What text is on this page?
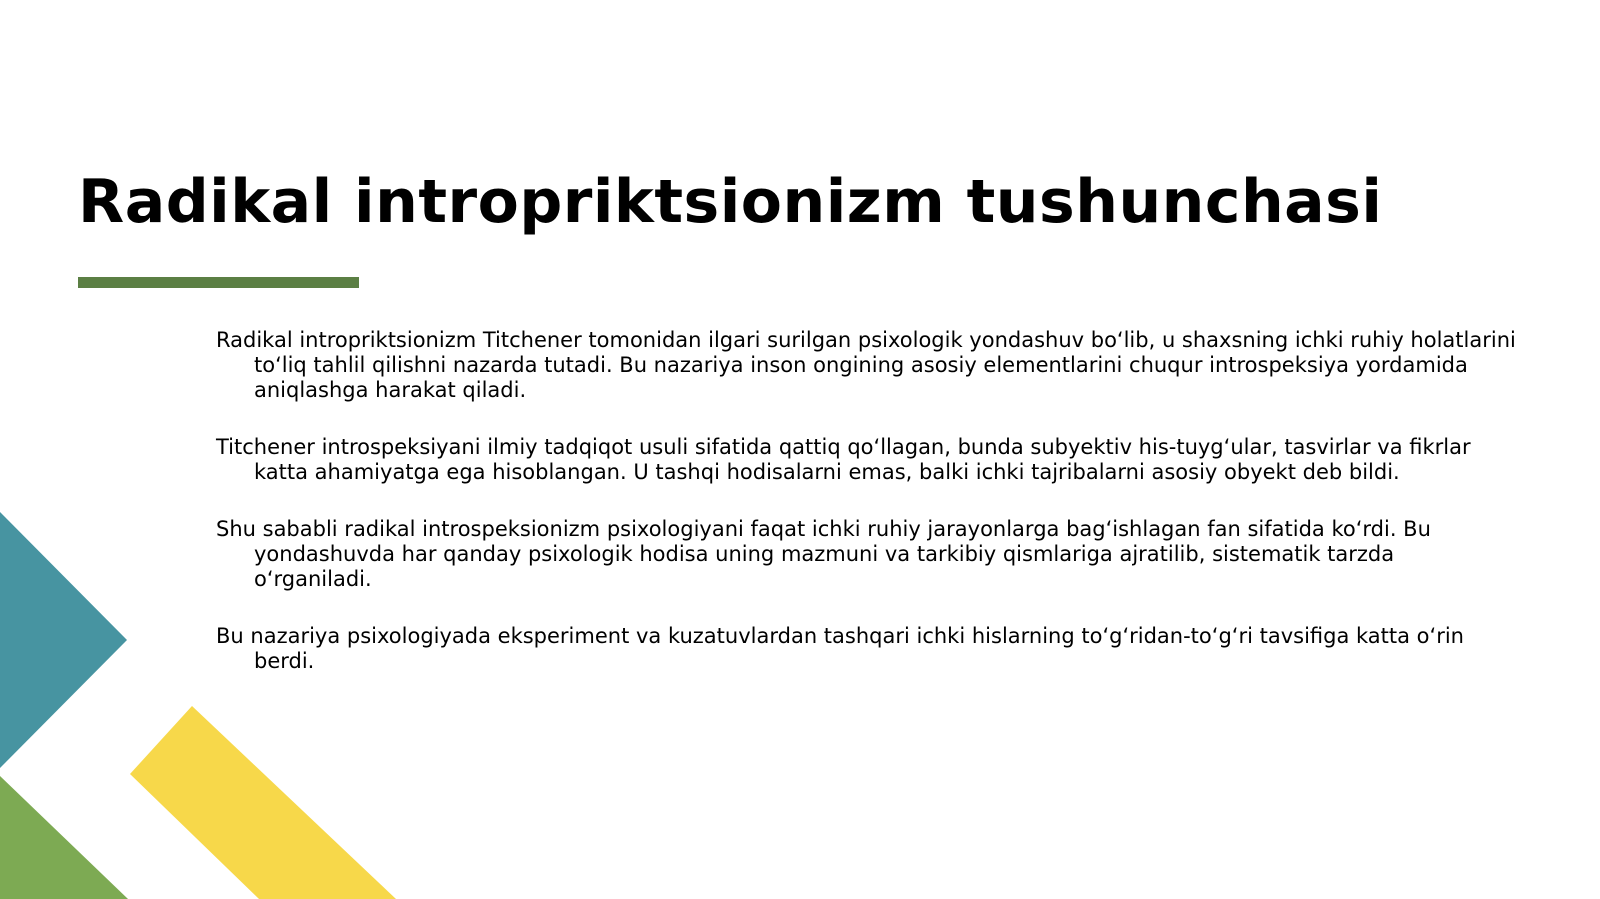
Radikal intropriktsionizm tushunchasi

Radikal intropriktsionizm Titchener tomonidan ilgari surilgan psixologik yondashuv bo‘lib, u shaxsning ichki ruhiy holatlarini to‘liq tahlil qilishni nazarda tutadi. Bu nazariya inson ongining asosiy elementlarini chuqur introspeksiya yordamida aniqlashga harakat qiladi.

Titchener introspeksiyani ilmiy tadqiqot usuli sifatida qattiq qo‘llagan, bunda subyektiv his-tuyg‘ular, tasvirlar va fikrlar katta ahamiyatga ega hisoblangan. U tashqi hodisalarni emas, balki ichki tajribalarni asosiy obyekt deb bildi.

Shu sababli radikal introspeksionizm psixologiyani faqat ichki ruhiy jarayonlarga bag‘ishlagan fan sifatida ko‘rdi. Bu yondashuvda har qanday psixologik hodisa uning mazmuni va tarkibiy qismlariga ajratilib, sistematik tarzda o‘rganiladi.

Bu nazariya psixologiyada eksperiment va kuzatuvlardan tashqari ichki hislarning to‘g‘ridan-to‘g‘ri tavsifiga katta o‘rin berdi.
